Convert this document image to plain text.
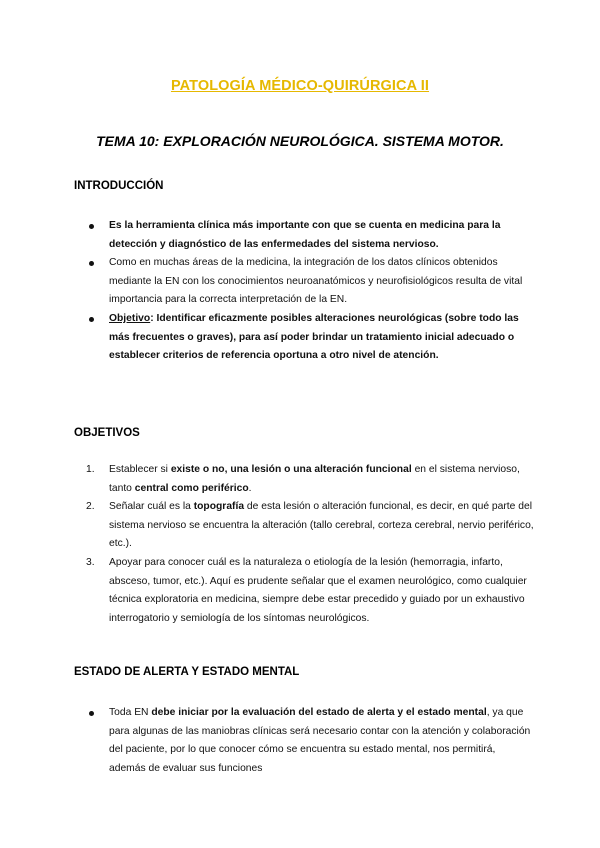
PATOLOGÍA MÉDICO-QUIRÚRGICA II
TEMA 10: EXPLORACIÓN NEUROLÓGICA. SISTEMA MOTOR.
INTRODUCCIÓN
Es la herramienta clínica más importante con que se cuenta en medicina para la detección y diagnóstico de las enfermedades del sistema nervioso.
Como en muchas áreas de la medicina, la integración de los datos clínicos obtenidos mediante la EN con los conocimientos neuroanatómicos y neurofisiológicos resulta de vital importancia para la correcta interpretación de la EN.
Objetivo: Identificar eficazmente posibles alteraciones neurológicas (sobre todo las más frecuentes o graves), para así poder brindar un tratamiento inicial adecuado o establecer criterios de referencia oportuna a otro nivel de atención.
OBJETIVOS
1. Establecer si existe o no, una lesión o una alteración funcional en el sistema nervioso, tanto central como periférico.
2. Señalar cuál es la topografía de esta lesión o alteración funcional, es decir, en qué parte del sistema nervioso se encuentra la alteración (tallo cerebral, corteza cerebral, nervio periférico, etc.).
3. Apoyar para conocer cuál es la naturaleza o etiología de la lesión (hemorragia, infarto, absceso, tumor, etc.). Aquí es prudente señalar que el examen neurológico, como cualquier técnica exploratoria en medicina, siempre debe estar precedido y guiado por un exhaustivo interrogatorio y semiología de los síntomas neurológicos.
ESTADO DE ALERTA Y ESTADO MENTAL
Toda EN debe iniciar por la evaluación del estado de alerta y el estado mental, ya que para algunas de las maniobras clínicas será necesario contar con la atención y colaboración del paciente, por lo que conocer cómo se encuentra su estado mental, nos permitirá, además de evaluar sus funciones
